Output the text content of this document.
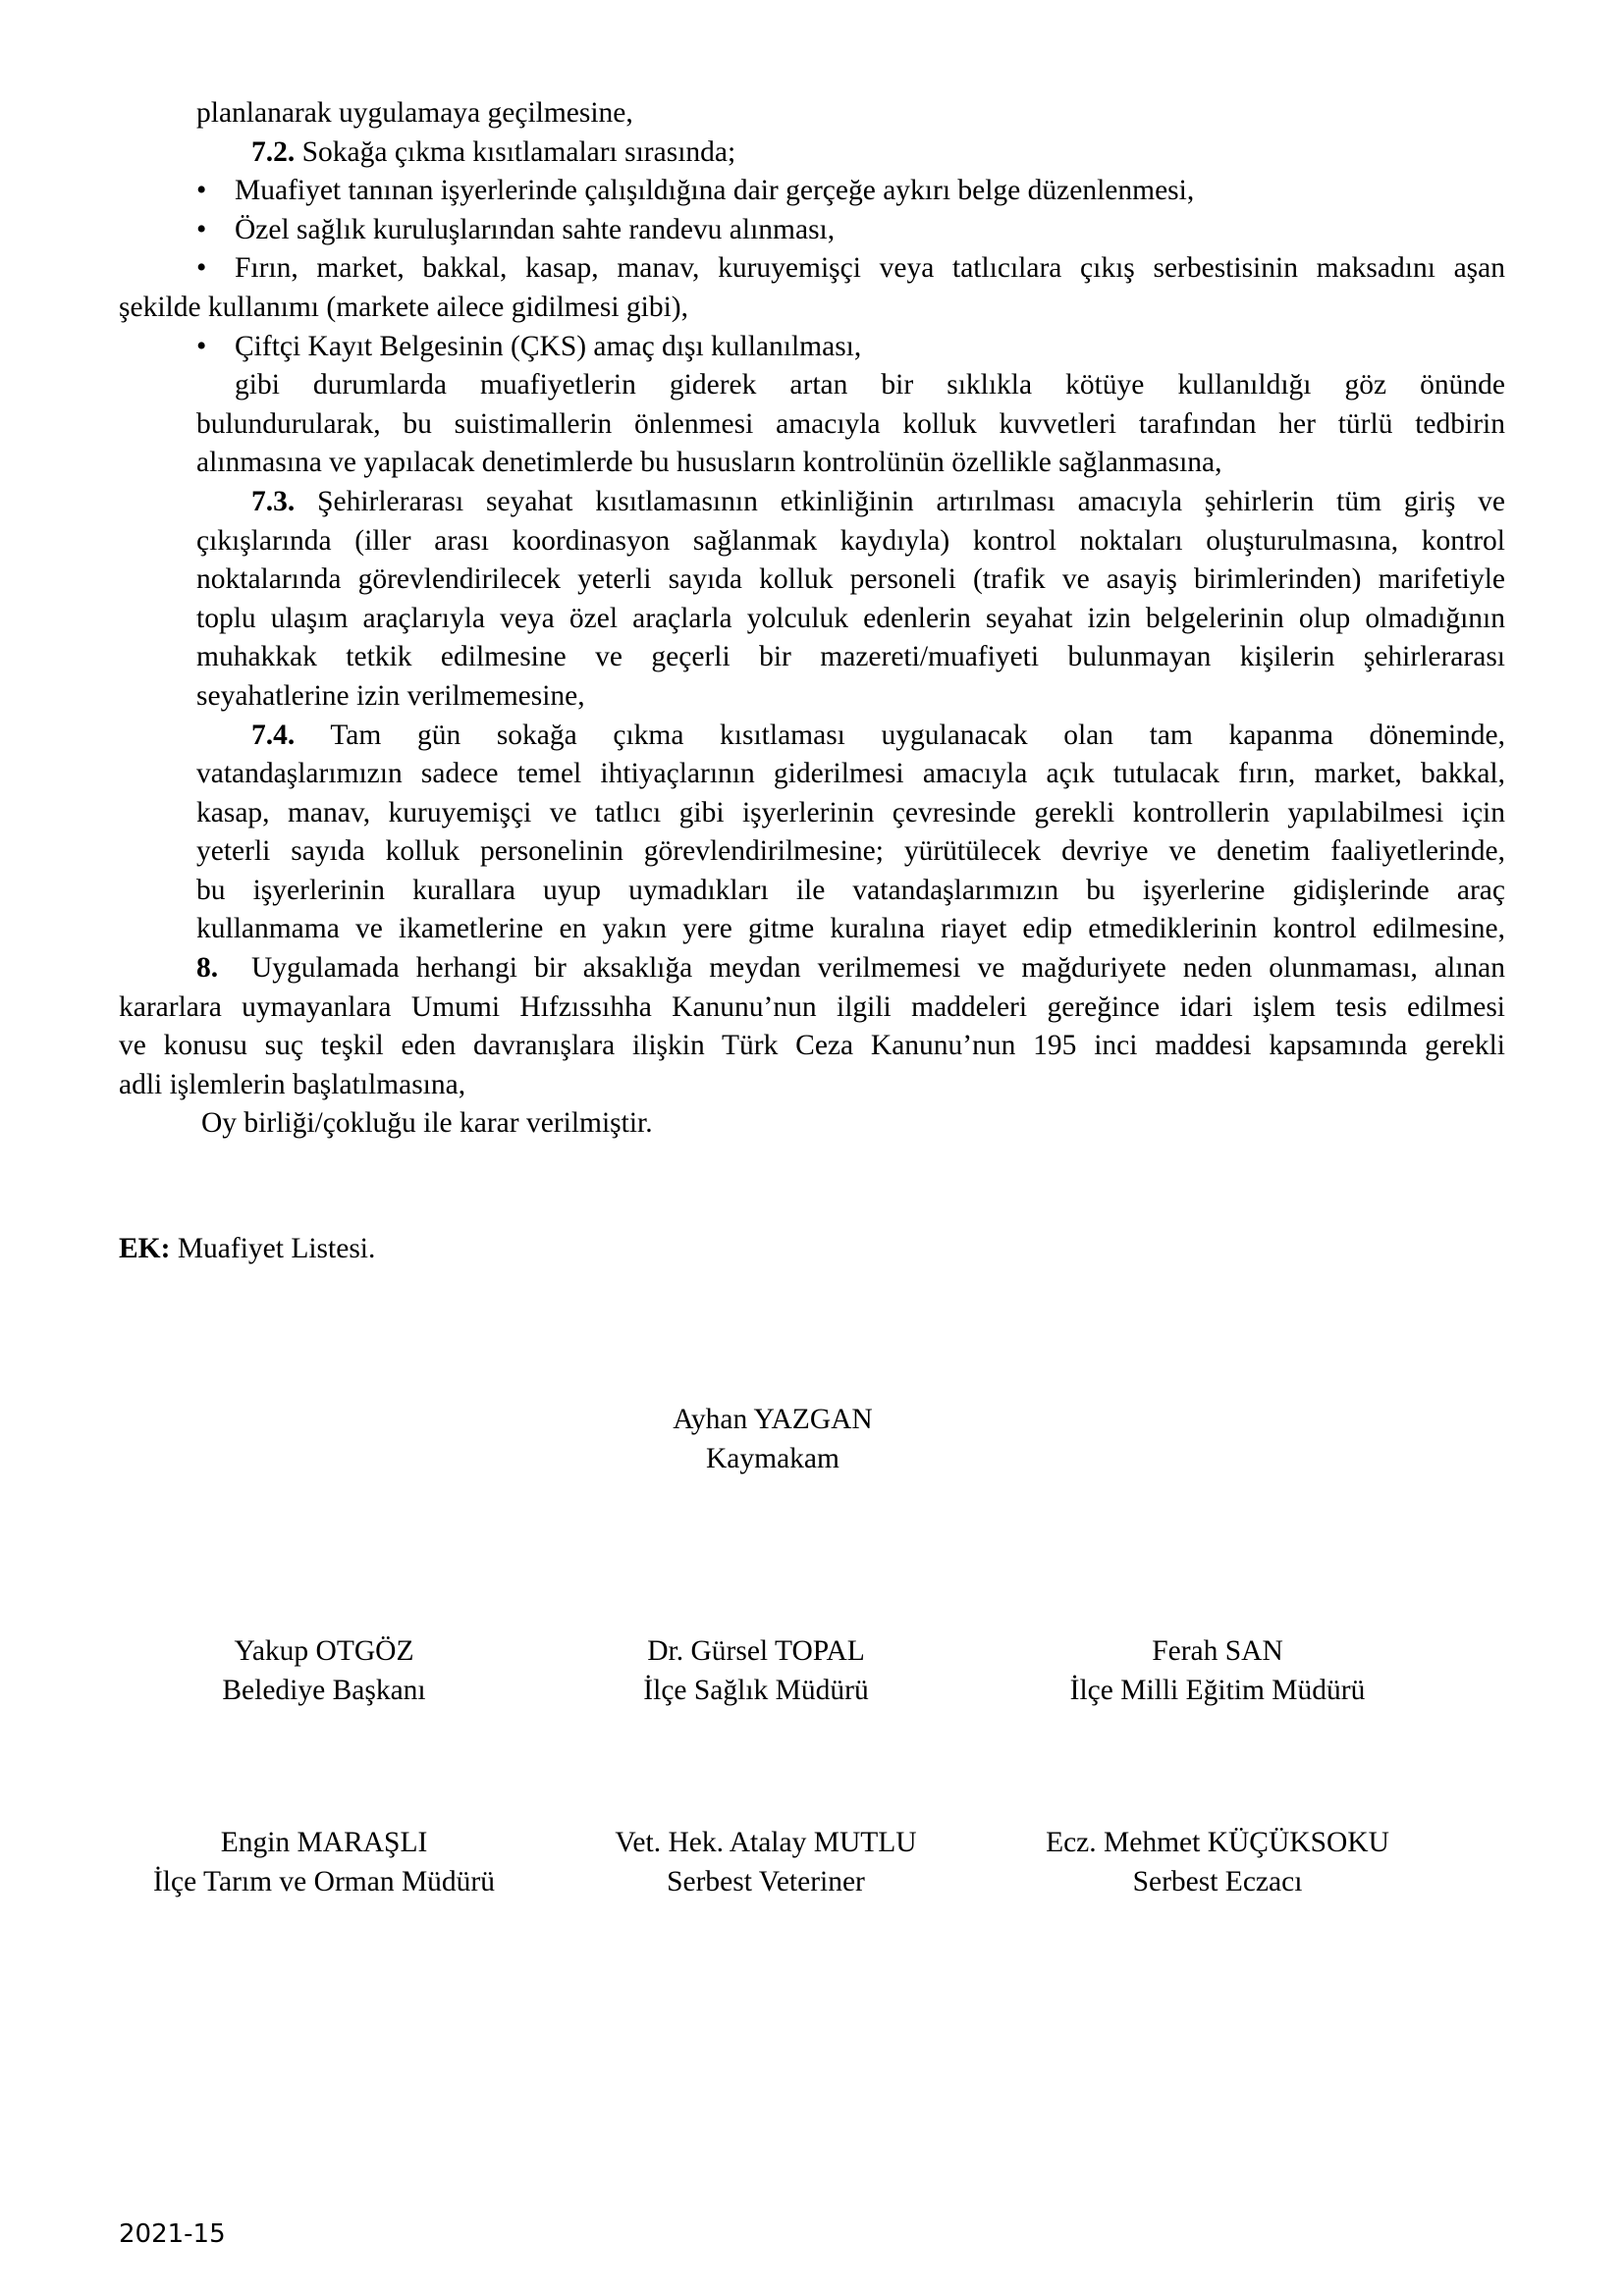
planlanarak uygulamaya geçilmesine,

7.2. Sokağa çıkma kısıtlamaları sırasında;

• Muafiyet tanınan işyerlerinde çalışıldığına dair gerçeğe aykırı belge düzenlenmesi,

• Özel sağlık kuruluşlarından sahte randevu alınması,

• Fırın, market, bakkal, kasap, manav, kuruyemişçi veya tatlıcılara çıkış serbestisinin maksadını aşan

şekilde kullanımı (markete ailece gidilmesi gibi),

• Çiftçi Kayıt Belgesinin (ÇKS) amaç dışı kullanılması,

gibi durumlarda muafiyetlerin giderek artan bir sıklıkla kötüye kullanıldığı göz önünde

bulundurularak, bu suistimallerin önlenmesi amacıyla kolluk kuvvetleri tarafından her türlü tedbirin

alınmasına ve yapılacak denetimlerde bu hususların kontrolünün özellikle sağlanmasına,

7.3. Şehirlerarası seyahat kısıtlamasının etkinliğinin artırılması amacıyla şehirlerin tüm giriş ve

çıkışlarında (iller arası koordinasyon sağlanmak kaydıyla) kontrol noktaları oluşturulmasına, kontrol

noktalarında görevlendirilecek yeterli sayıda kolluk personeli (trafik ve asayiş birimlerinden) marifetiyle

toplu ulaşım araçlarıyla veya özel araçlarla yolculuk edenlerin seyahat izin belgelerinin olup olmadığının

muhakkak tetkik edilmesine ve geçerli bir mazereti/muafiyeti bulunmayan kişilerin şehirlerarası

seyahatlerine izin verilmemesine,

7.4. Tam gün sokağa çıkma kısıtlaması uygulanacak olan tam kapanma döneminde,

vatandaşlarımızın sadece temel ihtiyaçlarının giderilmesi amacıyla açık tutulacak fırın, market, bakkal,

kasap, manav, kuruyemişçi ve tatlıcı gibi işyerlerinin çevresinde gerekli kontrollerin yapılabilmesi için

yeterli sayıda kolluk personelinin görevlendirilmesine; yürütülecek devriye ve denetim faaliyetlerinde,

bu işyerlerinin kurallara uyup uymadıkları ile vatandaşlarımızın bu işyerlerine gidişlerinde araç

kullanmama ve ikametlerine en yakın yere gitme kuralına riayet edip etmediklerinin kontrol edilmesine,

8. Uygulamada herhangi bir aksaklığa meydan verilmemesi ve mağduriyete neden olunmaması, alınan

kararlara uymayanlara Umumi Hıfzıssıhha Kanunu’nun ilgili maddeleri gereğince idari işlem tesis edilmesi

ve konusu suç teşkil eden davranışlara ilişkin Türk Ceza Kanunu’nun 195 inci maddesi kapsamında gerekli

adli işlemlerin başlatılmasına,

Oy birliği/çokluğu ile karar verilmiştir.

EK: Muafiyet Listesi.

Ayhan YAZGAN
Kaymakam
Yakup OTGÖZ
Belediye Başkanı
Dr. Gürsel TOPAL
İlçe Sağlık Müdürü
Ferah SAN
İlçe Milli Eğitim Müdürü
Engin MARAŞLI
İlçe Tarım ve Orman Müdürü
Vet. Hek. Atalay MUTLU
Serbest Veteriner
Ecz. Mehmet KÜÇÜKSOKU
Serbest Eczacı
2021-15
